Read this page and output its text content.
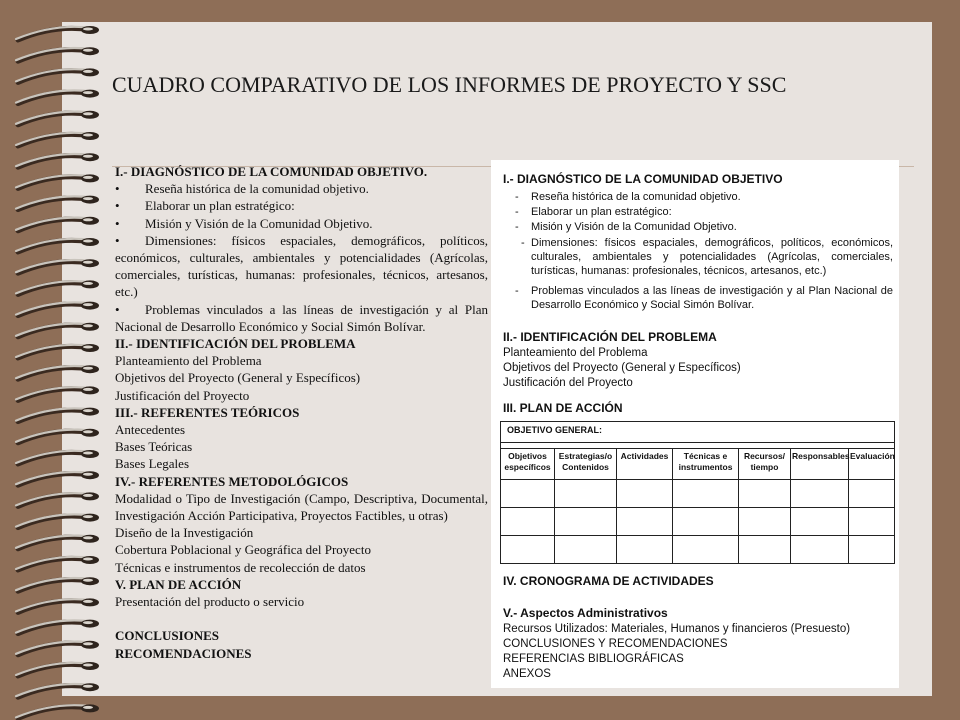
CUADRO COMPARATIVO DE LOS INFORMES DE PROYECTO Y SSC

I.- DIAGNÓSTICO DE LA COMUNIDAD OBJETIVO.

• Reseña histórica de la comunidad objetivo.

• Elaborar un plan estratégico:

• Misión y Visión de la Comunidad Objetivo.

• Dimensiones: físicos espaciales, demográficos, políticos, económicos, culturales, ambientales y potencialidades (Agrícolas, comerciales, turísticas, humanas: profesionales, técnicos, artesanos, etc.)

• Problemas vinculados a las líneas de investigación y al Plan Nacional de Desarrollo Económico y Social Simón Bolívar.

II.- IDENTIFICACIÓN DEL PROBLEMA

Planteamiento del Problema

Objetivos del Proyecto (General y Específicos)

Justificación del Proyecto

III.- REFERENTES TEÓRICOS

Antecedentes

Bases Teóricas

Bases Legales

IV.- REFERENTES METODOLÓGICOS

Modalidad o Tipo de Investigación (Campo, Descriptiva, Documental, Investigación Acción Participativa, Proyectos Factibles, u otras)

Diseño de la Investigación

Cobertura Poblacional y Geográfica del Proyecto

Técnicas e instrumentos de recolección de datos

V. PLAN DE ACCIÓN

Presentación del producto o servicio

CONCLUSIONES

RECOMENDACIONES

I.- DIAGNÓSTICO DE LA COMUNIDAD OBJETIVO
- Reseña histórica de la comunidad objetivo.
- Elaborar un plan estratégico:
- Misión y Visión de la Comunidad Objetivo.
- Dimensiones: físicos espaciales, demográficos, políticos, económicos, culturales, ambientales y potencialidades (Agrícolas, comerciales, turísticas, humanas: profesionales, técnicos, artesanos, etc.)
- Problemas vinculados a las líneas de investigación y al Plan Nacional de Desarrollo Económico y Social Simón Bolívar.
II.- IDENTIFICACIÓN DEL PROBLEMA
Planteamiento del Problema
Objetivos del Proyecto (General y Específicos)
Justificación del Proyecto
III. PLAN DE ACCIÓN
OBJETIVO GENERAL:						

Objetivos específicos	Estrategias/o Contenidos	Actividades	Técnicas e instrumentos	Recursos/ tiempo	Responsables	Evaluación

IV. CRONOGRAMA DE ACTIVIDADES
V.- Aspectos Administrativos
Recursos Utilizados: Materiales, Humanos y financieros (Presuesto)
CONCLUSIONES Y RECOMENDACIONES
REFERENCIAS BIBLIOGRÁFICAS
ANEXOS
